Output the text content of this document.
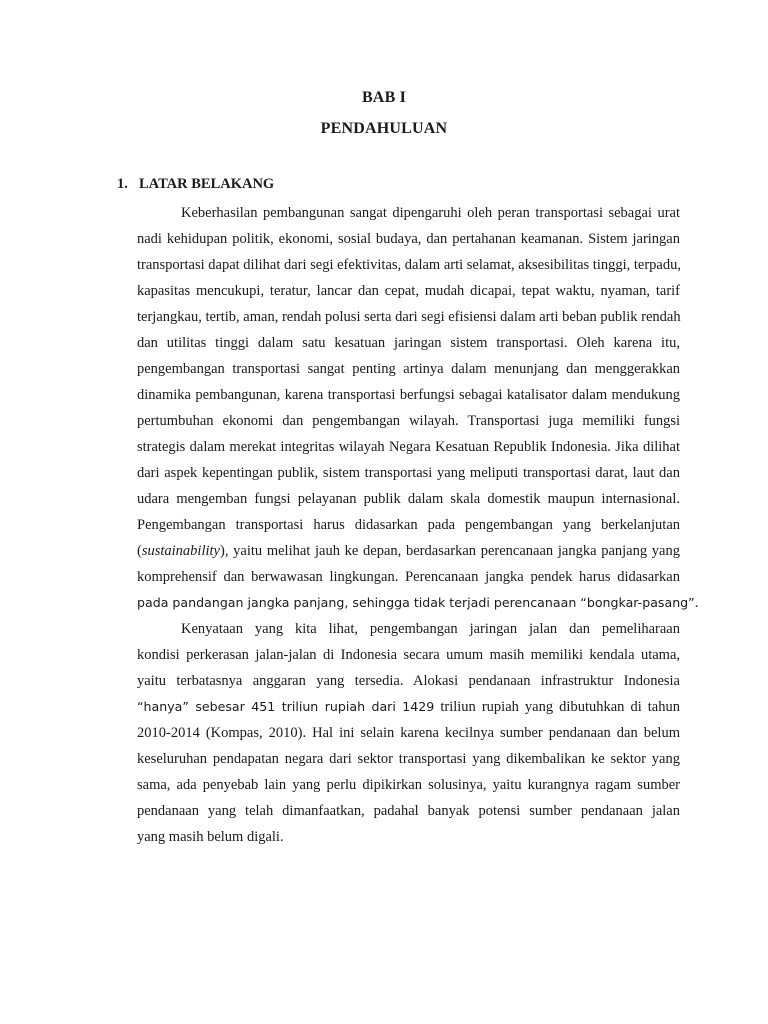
BAB I
PENDAHULUAN
1. LATAR BELAKANG
Keberhasilan pembangunan sangat dipengaruhi oleh peran transportasi sebagai urat
nadi kehidupan politik, ekonomi, sosial budaya, dan pertahanan keamanan. Sistem jaringan
transportasi dapat dilihat dari segi efektivitas, dalam arti selamat, aksesibilitas tinggi, terpadu,
kapasitas mencukupi, teratur, lancar dan cepat, mudah dicapai, tepat waktu, nyaman, tarif
terjangkau, tertib, aman, rendah polusi serta dari segi efisiensi dalam arti beban publik rendah
dan utilitas tinggi dalam satu kesatuan jaringan sistem transportasi. Oleh karena itu,
pengembangan transportasi sangat penting artinya dalam menunjang dan menggerakkan
dinamika pembangunan, karena transportasi berfungsi sebagai katalisator dalam mendukung
pertumbuhan ekonomi dan pengembangan wilayah. Transportasi juga memiliki fungsi
strategis dalam merekat integritas wilayah Negara Kesatuan Republik Indonesia. Jika dilihat
dari aspek kepentingan publik, sistem transportasi yang meliputi transportasi darat, laut dan
udara mengemban fungsi pelayanan publik dalam skala domestik maupun internasional.
Pengembangan transportasi harus didasarkan pada pengembangan yang berkelanjutan
(sustainability), yaitu melihat jauh ke depan, berdasarkan perencanaan jangka panjang yang
komprehensif dan berwawasan lingkungan. Perencanaan jangka pendek harus didasarkan
pada pandangan jangka panjang, sehingga tidak terjadi perencanaan “bongkar-pasang”.
Kenyataan yang kita lihat, pengembangan jaringan jalan dan pemeliharaan
kondisi perkerasan jalan-jalan di Indonesia secara umum masih memiliki kendala utama,
yaitu terbatasnya anggaran yang tersedia. Alokasi pendanaan infrastruktur Indonesia
“hanya” sebesar 451 triliun rupiah dari 1429 triliun rupiah yang dibutuhkan di tahun
2010-2014 (Kompas, 2010). Hal ini selain karena kecilnya sumber pendanaan dan belum
keseluruhan pendapatan negara dari sektor transportasi yang dikembalikan ke sektor yang
sama, ada penyebab lain yang perlu dipikirkan solusinya, yaitu kurangnya ragam sumber
pendanaan yang telah dimanfaatkan, padahal banyak potensi sumber pendanaan jalan
yang masih belum digali.
